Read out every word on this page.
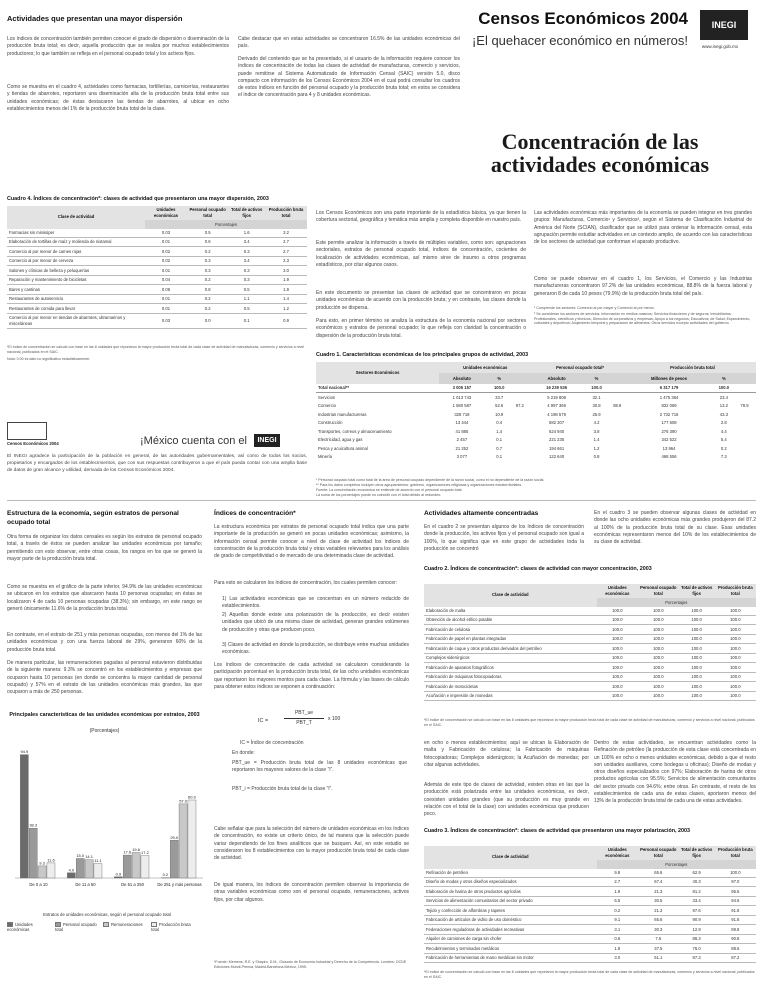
Actividades que presentan una mayor dispersión	Censos Económicos 2004
¡El quehacer económico en números!
INEGI
www.inegi.gob.mx
Los índices de concentración también permiten conocer el grado de dispersión o diseminación de la producción bruta total; es decir, aquella producción que se realiza por muchos establecimientos productores; lo que también se refleja en el personal ocupado total y los activos fijos.
Como se muestra en el cuadro 4, actividades como farmacias, tortillerías, carnicerías, restaurantes y tiendas de abarrotes, reportaron una diseminación alta de la producción bruta total entre sus unidades económicas; de éstas destacaron las tiendas de abarrotes, al ubicar en ocho establecimientos menos del 1% de la producción bruta total de la clase.
Cabe destacar que en estas actividades se concentraron 16.5% de las unidades económicas del país.
Derivado del contenido que se ha presentado, si el usuario de la información requiere conocer los índices de concentración de todas las clases de actividad de manufacturas, comercio y servicios, puede remitirse al Sistema Automatizado de Información Censal (SAIC) versión 5.0, disco compacto con información de los Censos Económicos 2004 en el cual podrá consultar los cuadros de estos índices en función del personal ocupado y la producción bruta total; en estos se considera el índice de concentración para 4 y 8 unidades económicas.
Concentración de las actividades económicas
Cuadro 4. Índices de concentración*: clases de actividad que presentaron una mayor dispersión, 2003
Clase de actividad	Unidades económicas	Personal ocupado total	Total de activos fijos	Producción bruta total
	Porcentajes			
Farmacias sin minisúper	0.03	0.5	1.6	3.2
Elaboración de tortillas de maíz y molienda de nixtamal	0.01	0.6	3.4	2.7
Comercio al por menor de carnes rojas	0.02	0.2	0.3	2.7
Comercio al por menor de cerveza	0.02	0.3	3.4	2.3
Salones y clínicas de belleza y peluquerías	0.01	0.3	0.3	3.0
Reparación y mantenimiento de bicicletas	0.04	0.2	0.3	1.9
Bares y cantinas	0.06	0.8	0.5	1.9
Restaurantes de autoservicio	0.01	0.2	1.1	1.4
Restaurantes de comida para llevar	0.01	0.2	0.5	1.2
Comercio al por menor en tiendas de abarrotes, ultramarinos y misceláneas	0.03	0.0	0.1	0.9
*El índice de concentración se calculó con base en las 8 unidades que reportaron la mayor producción bruta total de cada clase de actividad de manufacturas, comercio y servicios a nivel nacional, publicados en el SAIC.
Nota: 0.00 es dato no significativo estadísticamente.
Los Censos Económicos son una parte importante de la estadística básica, ya que tienen la cobertura sectorial, geográfica y temática más amplia y completa disponible en nuestro país.
Este permite analizar la información a través de múltiples variables, como son: agrupaciones sectoriales, estratos de personal ocupado total, índices de concentración, cocientes de localización de actividades económicas, así mismo sirve de insumo a otros programas estadísticos, por citar algunos casos.
En este documento se presentan las clases de actividad que se concentraron en pocas unidades económicas de acuerdo con la producción bruta; y en contraste, las clases donde la producción se dispersa.
Para esto, en primer término se analiza la estructura de la economía nacional por sectores económicos y estratos de personal ocupado; lo que refleja con claridad la concentración o dispersión de la producción bruta total.
Las actividades económicas más importantes de la economía se pueden integrar en tres grandes grupos: Manufacturas, Comercio¹ y Servicios², según el Sistema de Clasificación Industrial de América del Norte (SCIAN), clasificador que se utilizó para ordenar la información censal, esta agrupación permite estudiar actividades en un contexto amplio, de acuerdo con las características de los sectores de actividad que conforman el aparato productivo.
Como se puede observar en el cuadro 1, los Servicios, el Comercio y las Industrias manufactureras concentraron 97.2% de las unidades económicas, 88.8% de la fuerza laboral y generaron 8 de cada 10 pesos (79.9%) de la producción bruta total del país.
¹ Comprende los sectores: Comercio al por mayor y Comercio al por menor.
² Se consideran los sectores de servicios: Información en medios masivos; Servicios financieros y de seguros; Inmobiliarios; Profesionales, científicos y técnicos; Dirección de corporativos y empresas; Apoyo a los negocios; Educativos; de Salud; Esparcimiento, culturales y deportivos; Alojamiento temporal y preparación de alimentos; Otros servicios excepto actividades del gobierno.
Cuadro 1. Características económicas de los principales grupos de actividad, 2003
Sectores Económicos	Unidades económicas			Personal ocupado total*			Producción bruta total		
	Absoluto	%		Absoluto	%		Millones de pesos	%	
Total nacional**	3 005 157	100.0		16 239 536	100.0		6 317 179	100.0	
Servicios	1 013 743	33.7		5 219 808	32.1		1 475 364	23.4	
Comercio	1 580 587	52.6	97.2	4 997 366	30.8	88.8	832 069	13.2	79.9
Industrias manufactureras	328 718	10.9		4 198 579	25.9		2 732 716	43.3	
Construcción	13 444	0.4		682 307	4.2		177 608	2.8	
Transportes, correos y almacenamiento	41 885	1.4		624 940	3.8		276 390	4.4	
Electricidad, agua y gas	2 457	0.1		221 235	1.4		342 522	5.4	
Pesca y acuicultura animal	21 252	0.7		194 661	1.2		13 964	0.2	
Minería	3 077	0.1		122 640	0.8		468 556	7.3	
* Personal ocupado total como total de la área de personal ocupado dependiente de la razón social, como el no dependiente de la razón social.
** Para los datos completos incluyen otros agrupamientos: gobierno, organizaciones religiosas y organizaciones extraterritoriales.
Fuente: La concentración económica se entiende de acuerdo con el personal ocupado total.
La suma de los porcentajes puede no coincidir con el total debido al redondeo.
Censos Económicos 2004	¡México cuenta con el	INEGI
El INEGI agradece la participación de la población en general, de las autoridades gubernamentales, así como de todos los socios, propietarios y encargados de los establecimientos, que con sus respuestas contribuyeron a que el país pueda contar con una amplia base de datos de gran alcance y utilidad, derivada de los Censos Económicos 2004.
Estructura de la economía, según estratos de personal ocupado total
Otra forma de organizar los datos censales es según los estratos de personal ocupado total, a través de éstos se pueden analizar las unidades económicas por tamaño; permitiendo con esto observar, entre otras cosas, los rangos en los que se generó la mayor parte de la producción bruta total.
Como se muestra en el gráfico de la parte inferior, 94.9% de las unidades económicas se ubicaron en los estratos que abarcaron hasta 10 personas ocupadas; en éstas se localizaron 4 de cada 10 personas ocupadas (38.3%); sin embargo, en este rango se generó únicamente 11.6% de la producción bruta total.
En contraste, en el estrato de 251 y más personas ocupadas, con menos del 1% de las unidades económicas y con una fuerza laboral de 29%, generaron 60% de la producción bruta total.
De manera particular, las remuneraciones pagadas al personal estuvieron distribuidas de la siguiente manera: 9.3% se concentró en los establecimientos y empresas que ocuparon hasta 10 personas (en donde se concentra la mayor cantidad de personal ocupado) y 57% en el estrato de las unidades económicas más grandes, las que ocuparon a más de 250 personas.
Principales características de las unidades económicas por estratos, 2003
(Porcentajes)
94.9
38.3
9.3
11.6
De 0 a 10
4.0
15.0 14.1
11.1
De 11 a 50
0.9
17.6
19.6
17.2
De 51 a 250
0.2
29.0
57.0
60.0
De 251 y más personas
Estratos de unidades económicas, según el personal ocupado total
Unidades económicasPersonal ocupado totalRemuneraciones	Producción bruta total
Índices de concentración*
La estructura económica por estratos de personal ocupado total indica que una parte importante de la producción se generó en pocas unidades económicas; asimismo, la información censal permite conocer a nivel de clase de actividad los índices de concentración de la producción bruta total y otras variables relevantes para los análisis de grado de competitividad o de mercado de una determinada clase de actividad.
Para esto se calcularon los índices de concentración, los cuales permiten conocer:
1) Las actividades económicas que se concentran en un número reducido de establecimientos.
2) Aquellas donde existe una polarización de la producción, es decir existen unidades que ubicó de una misma clase de actividad, generan grandes volúmenes de producción y otras que producen poco.
3) Clases de actividad en donde la producción, se distribuye entre muchas unidades económicas.
Los índices de concentración de cada actividad se calcularon considerando la participación porcentual en la producción bruta total, de las ocho unidades económicas que reportaron los mayores montos para cada clase. La fórmula y las bases de cálculo para obtener estos índices se exponen a continuación:
IC =
PBT_ue
PBT_T
x 100
IC = Índice de concentración
En donde:
PBT_ue = Producción bruta total de las 8 unidades económicas que reportaron los mayores valores de la clase "i".
PBT_i = Producción bruta total de la clase "i".
Cabe señalar que para la selección del número de unidades económicas en los índices de concentración, no existe un criterio único, de tal manera que la selección puede variar dependiendo de los fines analíticos que se busquen. Así, en este estudio se consideraron los 8 establecimientos con la mayor producción bruta total de cada clase de actividad.
De igual manera, los índices de concentración permiten observar la importancia de otras variables económicas como son el personal ocupado, remuneraciones, activos fijos, por citar algunos.
*Fuente: Klemens, R.E. y Shapiro, D.M., Glosario de Economía Industrial y Derecho de la Competencia. Londres: OCDE Ediciones Mundi-Prensa, Madrid-Barcelona-México, 1995.
Actividades altamente concentradas
En el cuadro 2 se presentan algunos de los índices de concentración donde la producción, los activos fijos y el personal ocupado son igual a 100%, lo que significa que en este grupo de actividades toda la producción se concentró
En el cuadro 3 se pueden observar algunas clases de actividad en donde las ocho unidades económicas más grandes produjeron del 87.2 al 100% de la producción bruta total de su clase. Esas unidades económicas representaron menos del 10% de los establecimientos de su clase de actividad.
Cuadro 2. Índices de concentración*: clases de actividad con mayor concentración, 2003
Clase de actividad	Unidades económicas	Personal ocupado total	Total de activos fijos	Producción bruta total
	Porcentajes			
Elaboración de malta	100.0	100.0	100.0	100.0
Obtención de alcohol etílico potable	100.0	100.0	100.0	100.0
Fabricación de celulosa	100.0	100.0	100.0	100.0
Fabricación de papel en plantas integradas	100.0	100.0	100.0	100.0
Fabricación de coque y otros productos derivados del petróleo	100.0	100.0	100.0	100.0
Complejos siderúrgicos	100.0	100.0	100.0	100.0
Fabricación de aparatos fotográficos	100.0	100.0	100.0	100.0
Fabricación de máquinas fotocopiadoras	100.0	100.0	100.0	100.0
Fabricación de motocicletas	100.0	100.0	100.0	100.0
Acuñación e impresión de monedas	100.0	100.0	100.0	100.0
*El índice de concentración se calculó con base en las 8 unidades que reportaron la mayor producción bruta total de cada clase de actividad de manufacturas, comercio y servicios a nivel nacional, publicados en el SAIC.
en ocho o menos establecimientos; aquí se ubican la Elaboración de malta y Fabricación de celulosa; la Fabricación de máquinas fotocopiadoras; Complejos siderúrgicos; la Acuñación de monedas; por citar algunas actividades.
Además de este tipo de clases de actividad, existen otras en las que la producción está polarizada entre las unidades económicas, es decir, coexisten unidades grandes (que su producción es muy grande en relación con el total de la clase) con unidades económicas que producen poco.
Dentro de estas actividades, se encuentran actividades como la Refinación de petróleo (la producción de esta clase está concentrada en un 100% en ocho o menos unidades económicas, debido a que el resto son unidades auxiliares, como bodegas u oficinas); Diseño de modas y otros diseños especializados con 97%; Elaboración de harina de otros productos agrícolas con 95.5%; Servicios de alimentación comunitarios del sector privado con 94.6%; entre otras. En contraste, el resto de los establecimientos de cada una de estas clases, aportaron menos del 13% de la producción bruta total de cada una de estas actividades.
Cuadro 3. Índices de concentración*: clases de actividad que presentaron una mayor polarización, 2003
Clase de actividad	Unidades económicas	Personal ocupado total	Total de activos fijos	Producción bruta total
	Porcentajes			
Refinación de petróleo	9.8	65.6	62.9	100.0
Diseño de modas y otros diseños especializados	2.7	67.4	40.3	97.0
Elaboración de harina de otros productos agrícolas	1.9	21.3	81.2	95.5
Servicios de alimentación comunitarios del sector privado	6.5	30.5	33.4	94.6
Tejido y confección de alfombras y tapetes	0.2	21.3	97.6	91.8
Fabricación de artículos de vidrio de uso doméstico	9.1	65.6	90.9	91.8
Federaciones reguladoras de actividades recreativas	3.1	30.3	12.9	89.8
Alquiler de camiones de carga sin chofer	0.6	7.6	86.3	90.8
Recubrimientos y terminados metálicos	1.9	37.5	76.0	88.6
Fabricación de herramientas de mano metálicas sin motor	3.0	51.1	87.3	87.2
*El índice de concentración se calculó con base en las 8 unidades que reportaron la mayor producción bruta total de cada clase de actividad de manufacturas, comercio y servicios a nivel nacional, publicados en el SAIC.
